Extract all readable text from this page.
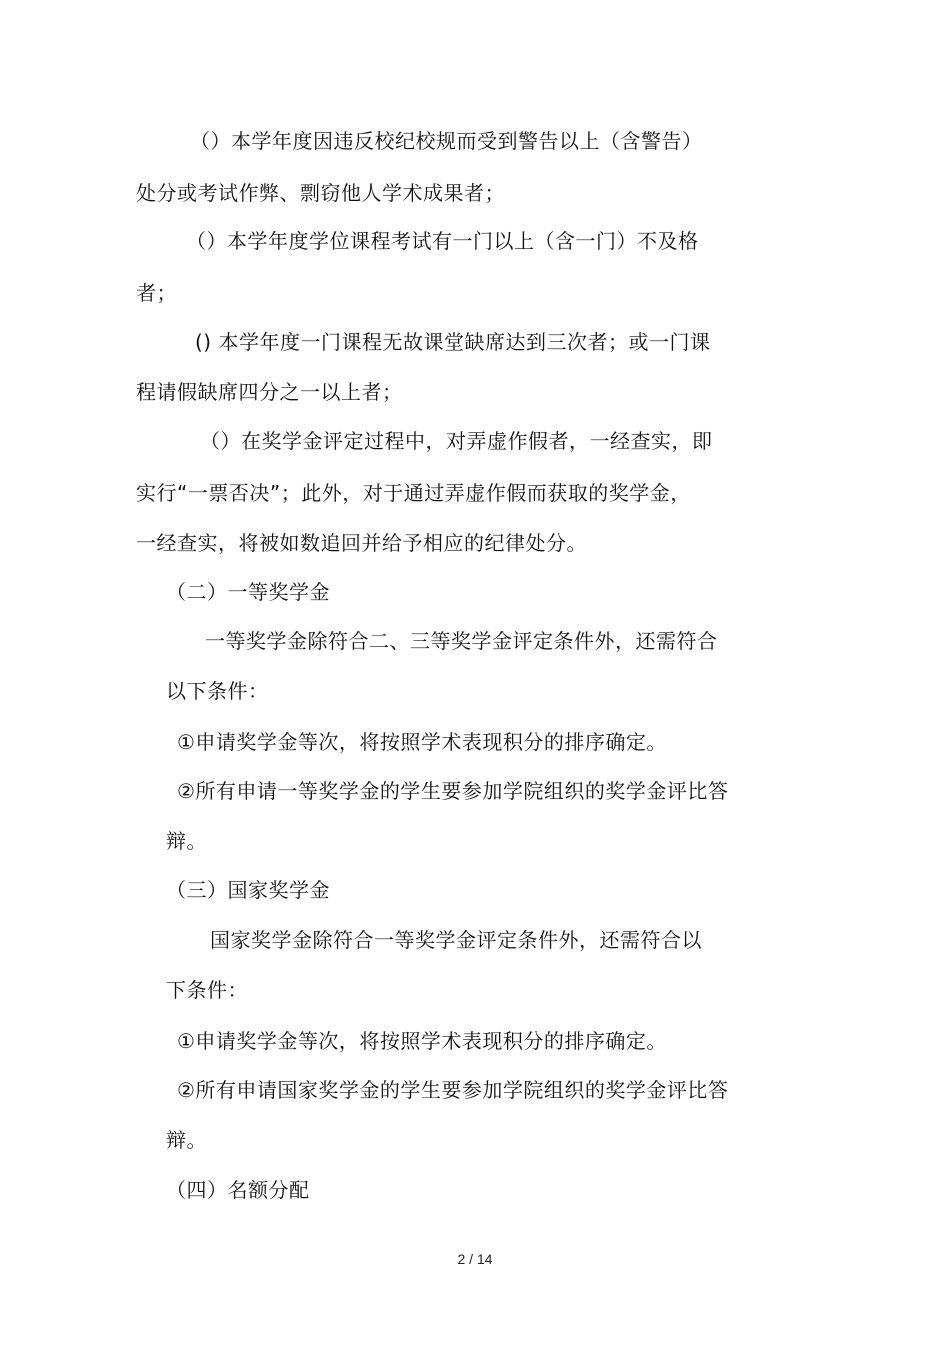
（）本学年度因违反校纪校规而受到警告以上（含警告）
处分或考试作弊、剽窃他人学术成果者；
（）本学年度学位课程考试有一门以上（含一门）不及格
者；
() 本学年度一门课程无故课堂缺席达到三次者；或一门课
程请假缺席四分之一以上者；
（）在奖学金评定过程中，对弄虚作假者，一经查实，即
实行“一票否决”；此外，对于通过弄虚作假而获取的奖学金，
一经查实，将被如数追回并给予相应的纪律处分。
（二）一等奖学金
一等奖学金除符合二、三等奖学金评定条件外，还需符合
以下条件：
①申请奖学金等次，将按照学术表现积分的排序确定。
②所有申请一等奖学金的学生要参加学院组织的奖学金评比答
辩。
（三）国家奖学金
国家奖学金除符合一等奖学金评定条件外，还需符合以
下条件：
①申请奖学金等次，将按照学术表现积分的排序确定。
②所有申请国家奖学金的学生要参加学院组织的奖学金评比答
辩。
（四）名额分配
2 / 14
